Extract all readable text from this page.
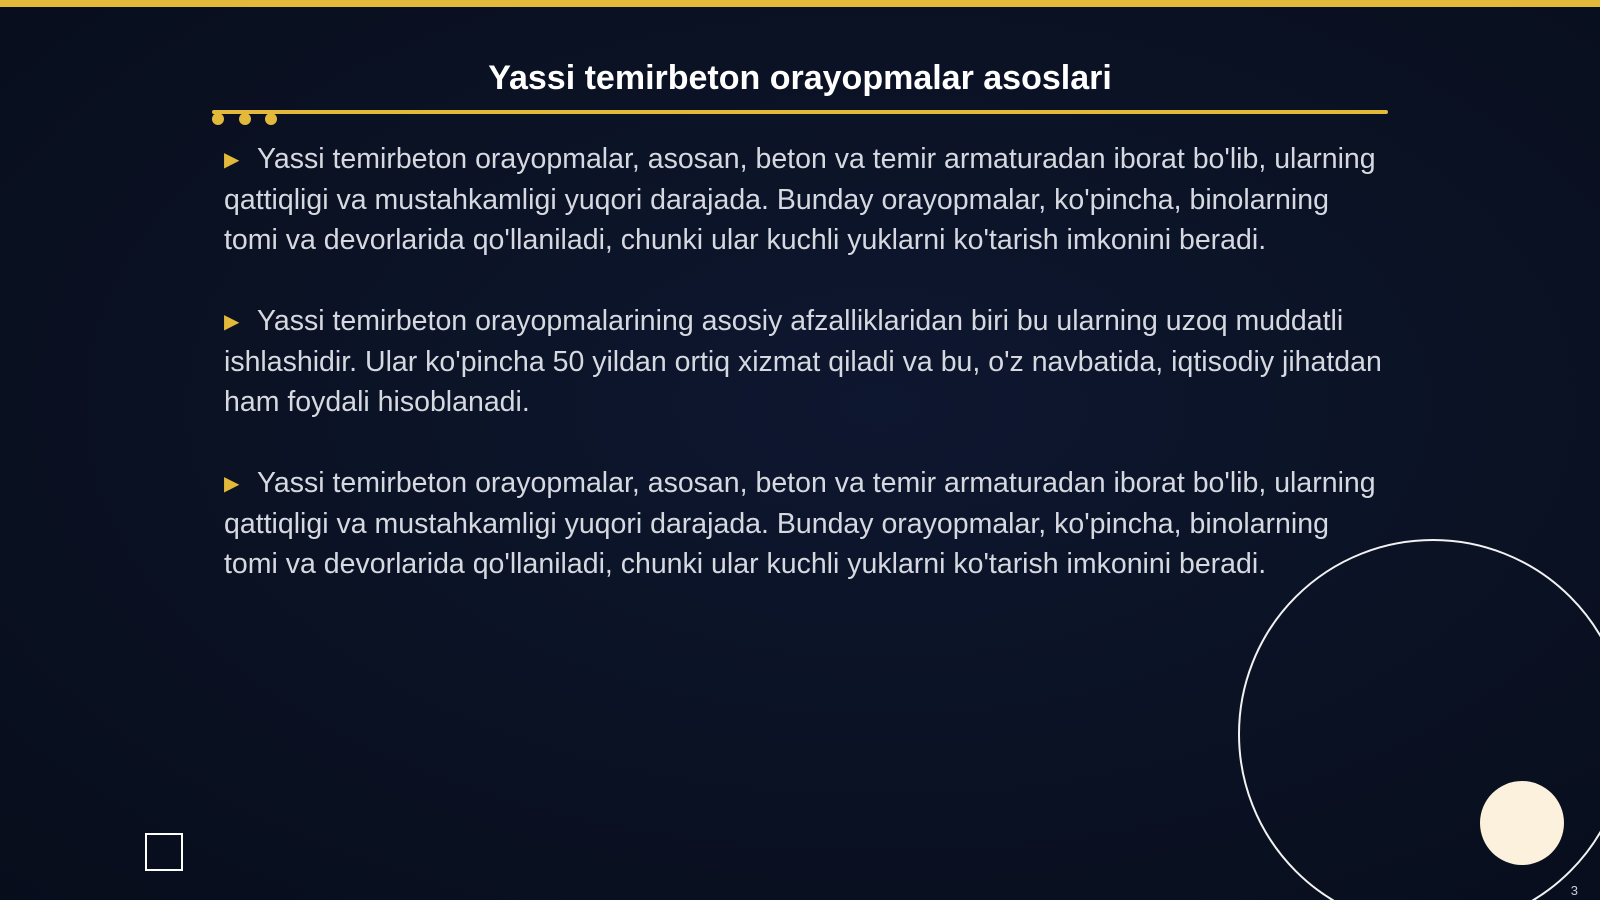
Yassi temirbeton orayopmalar asoslari

▶ Yassi temirbeton orayopmalar, asosan, beton va temir armaturadan iborat bo'lib, ularning qattiqligi va mustahkamligi yuqori darajada. Bunday orayopmalar, ko'pincha, binolarning tomi va devorlarida qo'llaniladi, chunki ular kuchli yuklarni ko'tarish imkonini beradi.

▶ Yassi temirbeton orayopmalarining asosiy afzalliklaridan biri bu ularning uzoq muddatli ishlashidir. Ular ko'pincha 50 yildan ortiq xizmat qiladi va bu, o'z navbatida, iqtisodiy jihatdan ham foydali hisoblanadi.

▶ Yassi temirbeton orayopmalar, asosan, beton va temir armaturadan iborat bo'lib, ularning qattiqligi va mustahkamligi yuqori darajada. Bunday orayopmalar, ko'pincha, binolarning tomi va devorlarida qo'llaniladi, chunki ular kuchli yuklarni ko'tarish imkonini beradi.

3
